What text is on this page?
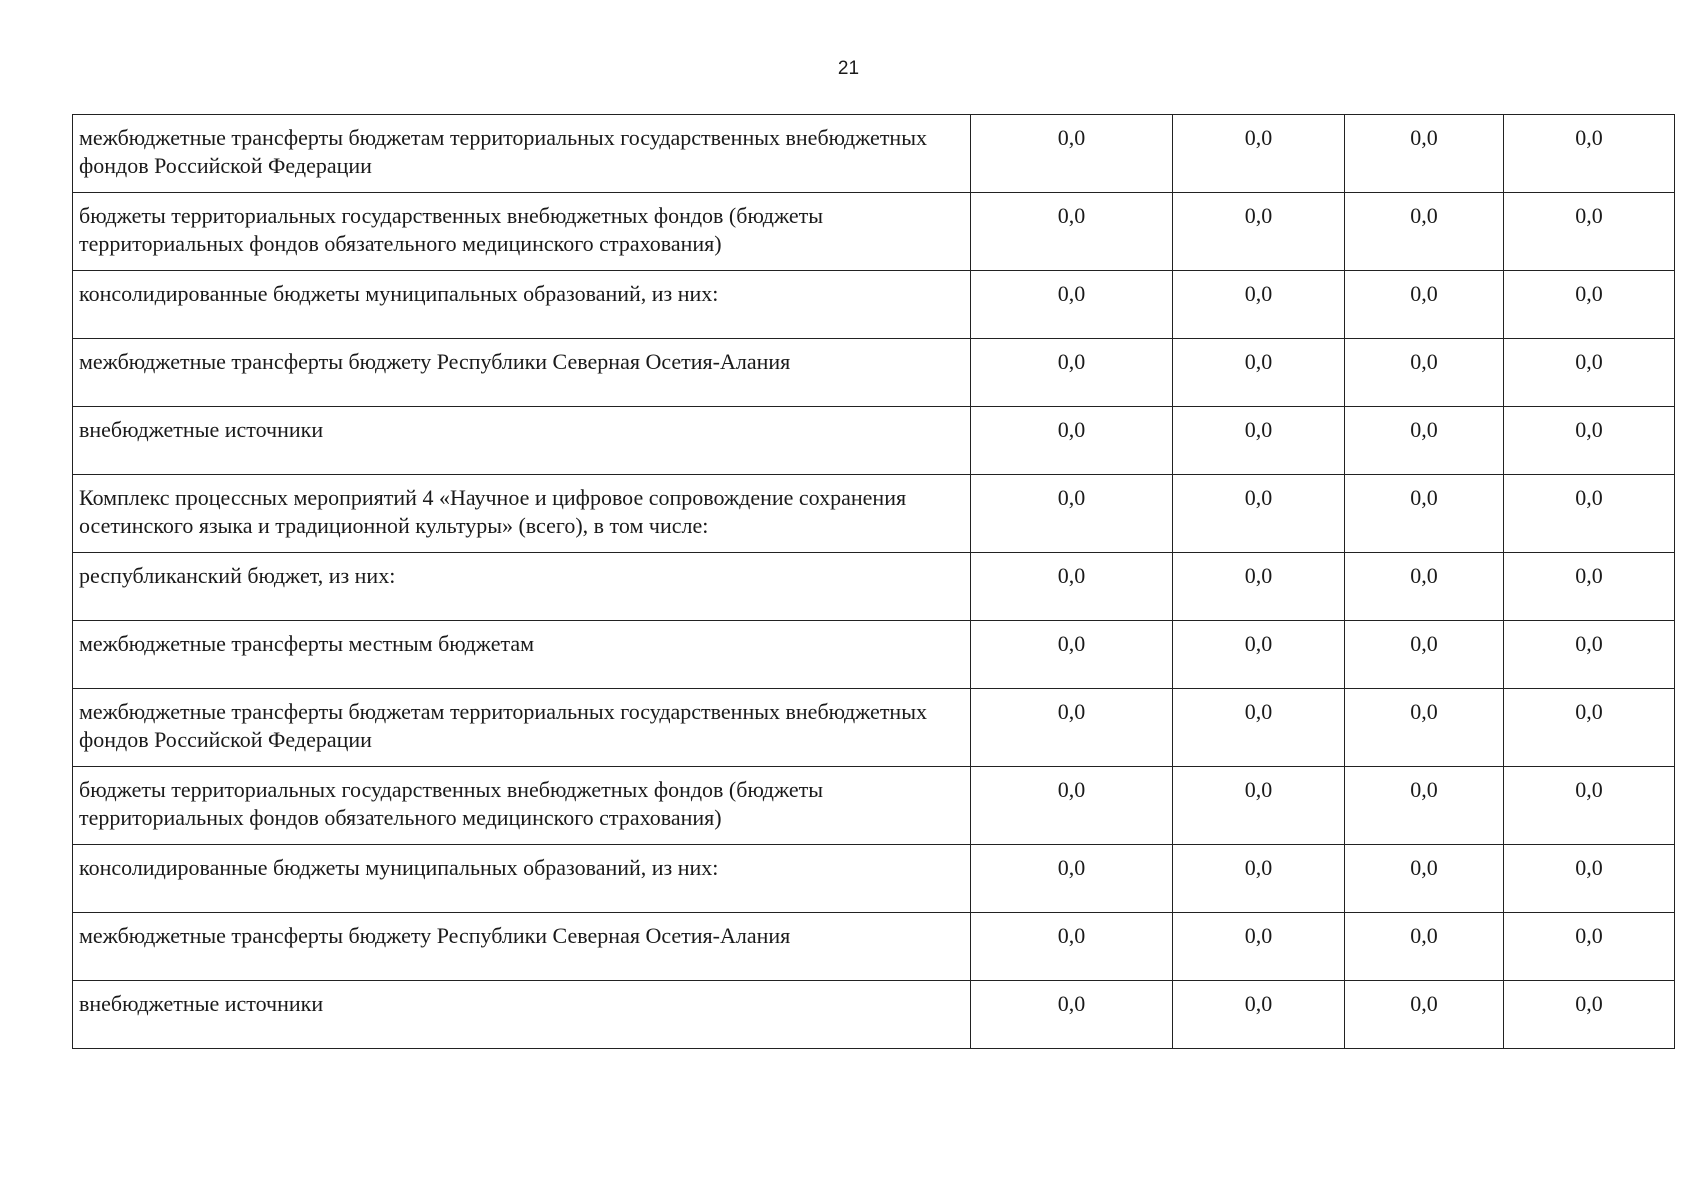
21
межбюджетные трансферты бюджетам территориальных государственных внебюджетных фондов Российской Федерации	0,0	0,0	0,0	0,0
бюджеты территориальных государственных внебюджетных фондов (бюджеты территориальных фондов обязательного медицинского страхования)	0,0	0,0	0,0	0,0
консолидированные бюджеты муниципальных образований, из них:	0,0	0,0	0,0	0,0
межбюджетные трансферты бюджету Республики Северная Осетия-Алания	0,0	0,0	0,0	0,0
внебюджетные источники	0,0	0,0	0,0	0,0
Комплекс процессных мероприятий 4 «Научное и цифровое сопровождение сохранения осетинского языка и традиционной культуры» (всего), в том числе:	0,0	0,0	0,0	0,0
республиканский бюджет, из них:	0,0	0,0	0,0	0,0
межбюджетные трансферты местным бюджетам	0,0	0,0	0,0	0,0
межбюджетные трансферты бюджетам территориальных государственных внебюджетных фондов Российской Федерации	0,0	0,0	0,0	0,0
бюджеты территориальных государственных внебюджетных фондов (бюджеты территориальных фондов обязательного медицинского страхования)	0,0	0,0	0,0	0,0
консолидированные бюджеты муниципальных образований, из них:	0,0	0,0	0,0	0,0
межбюджетные трансферты бюджету Республики Северная Осетия-Алания	0,0	0,0	0,0	0,0
внебюджетные источники	0,0	0,0	0,0	0,0
